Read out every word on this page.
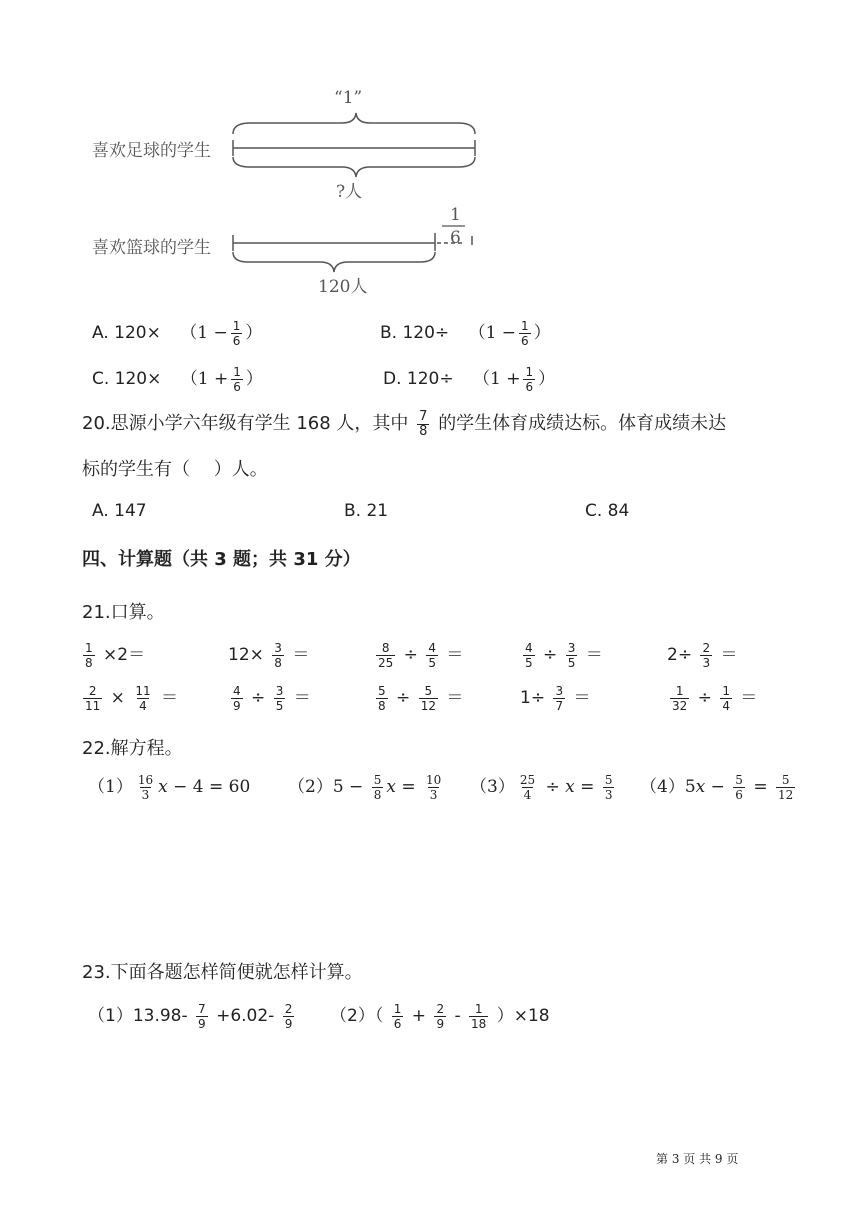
喜欢足球的学生
喜欢篮球的学生
“1”
?人
120人
1
6
A. $120\times (1 - \frac{1}{6}$ ）	B. $120\div (1 - \frac{1}{6}$ ）
C. $120\times (1 + \frac{1}{6}$ ）	D. $120\div (1 + \frac{1}{6}$ ）
20.思源小学六年级有学生 168 人，其中 $\frac{7}{8}$ 的学生体育成绩达标。体育成绩未达
标的学生有（　 ）人。
A. 147	B. 21	C. 84
四、计算题（共 3 题；共 31 分）
21.口算。
22.解方程。
23.下面各题怎样简便就怎样计算。
$(1)13.98- \frac{7}{9} +6.02- \frac{2}{9} (2)( \frac{1}{6} + \frac{2}{9} - \frac{1}{18} )\times 18$
第 3 页 共 9 页
$\frac{1}{8} \times 2=$	$12\times \frac{3}{8}$ ＝	$\frac{8}{25} \div \frac{4}{5}$ ＝	$\frac{4}{5} \div \frac{3}{5}$ ＝	$2\div \frac{2}{3}$ ＝
$\frac{2}{11} \times \frac{11}{4}$ ＝	$\frac{4}{9} \div \frac{3}{5}$ ＝	$\frac{5}{8} \div \frac{5}{12}$ ＝	$1\div \frac{3}{7}$ ＝	$\frac{1}{32} \div \frac{1}{4}$ ＝
$(1) \frac{16}{3}$ x − 4 = 60 $(2)5 - \frac{5}{8}$ $x = \frac{10}{3} (3) \frac{25}{4} \div x = \frac{5}{3} (4)5x - \frac{5}{6} = \frac{5}{12}$
